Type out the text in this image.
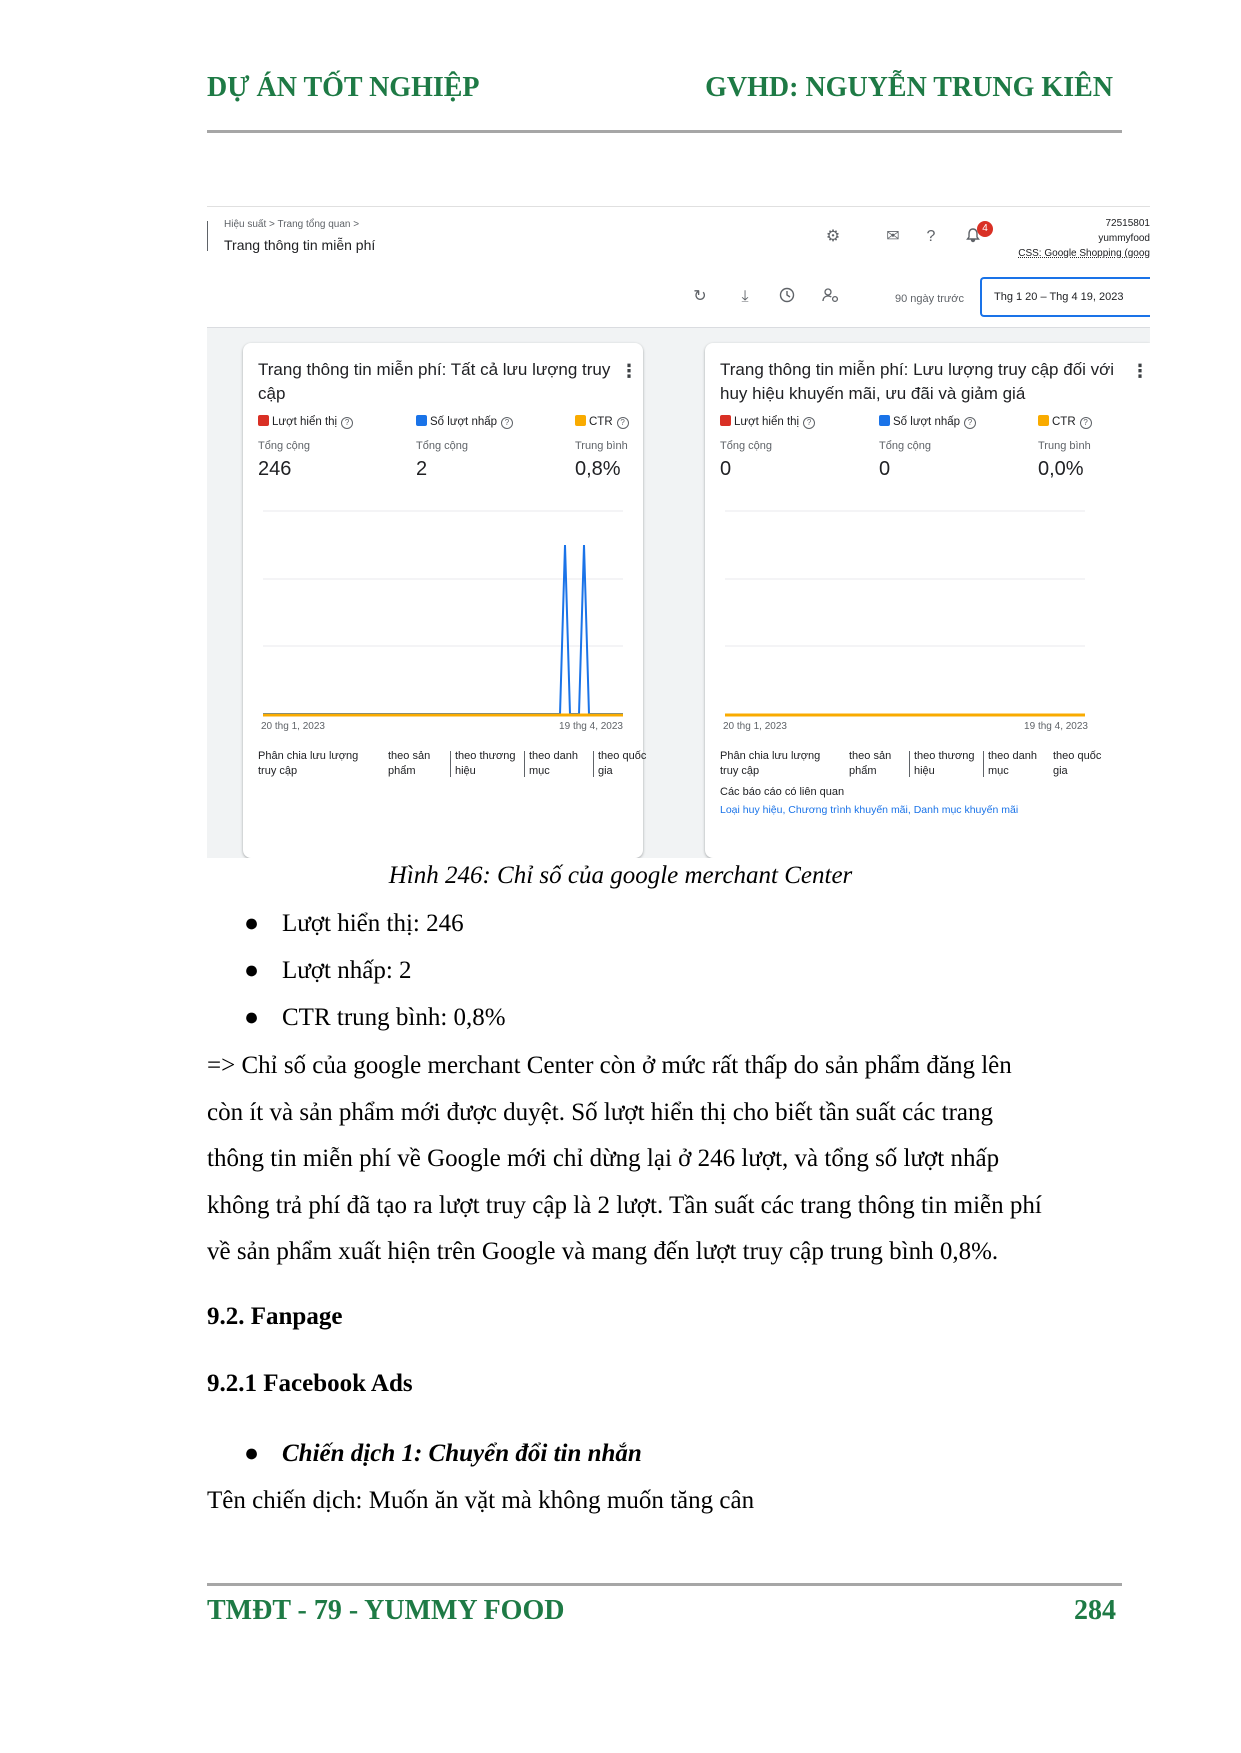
DỰ ÁN TỐT NGHIỆP	GVHD: NGUYỄN TRUNG KIÊN
Hiệu suất > Trang tổng quan >
Trang thông tin miễn phí	⚙	✉	?	4	72515801
yummyfood
CSS: Google Shopping (goog
↻	⤓	90 ngày trước	Thg 1 20 – Thg 4 19, 2023
Trang thông tin miễn phí: Tất cả lưu lượng truy cập
⋮
Lượt hiển thị ?
Tổng cộng
246
Số lượt nhấp ?
Tổng cộng
2
CTR ?
Trung bình
0,8%
20 thg 1, 2023	19 thg 4, 2023
Phân chia lưu lượng truy cập
theo sản phẩm
theo thương hiệu
theo danh mục
theo quốc gia
Trang thông tin miễn phí: Lưu lượng truy cập đối với huy hiệu khuyến mãi, ưu đãi và giảm giá
⋮
Lượt hiển thị ?
Tổng cộng
0
Số lượt nhấp ?
Tổng cộng
0
CTR ?
Trung bình
0,0%
20 thg 1, 2023	19 thg 4, 2023
Phân chia lưu lượng truy cập
theo sản phẩm
theo thương hiệu
theo danh mục
theo quốc gia
Các báo cáo có liên quan
Loại huy hiệu, Chương trình khuyến mãi, Danh mục khuyến mãi
Hình 246: Chỉ số của google merchant Center
● Lượt hiển thị: 246
● Lượt nhấp: 2
● CTR trung bình: 0,8%
=> Chỉ số của google merchant Center còn ở mức rất thấp do sản phẩm đăng lên
còn ít và sản phẩm mới được duyệt. Số lượt hiển thị cho biết tần suất các trang
thông tin miễn phí về Google mới chỉ dừng lại ở 246 lượt, và tổng số lượt nhấp
không trả phí đã tạo ra lượt truy cập là 2 lượt. Tần suất các trang thông tin miễn phí
về sản phẩm xuất hiện trên Google và mang đến lượt truy cập trung bình 0,8%.
9.2. Fanpage
9.2.1 Facebook Ads
● Chiến dịch 1: Chuyển đổi tin nhắn
Tên chiến dịch: Muốn ăn vặt mà không muốn tăng cân
TMĐT - 79 - YUMMY FOOD	284
